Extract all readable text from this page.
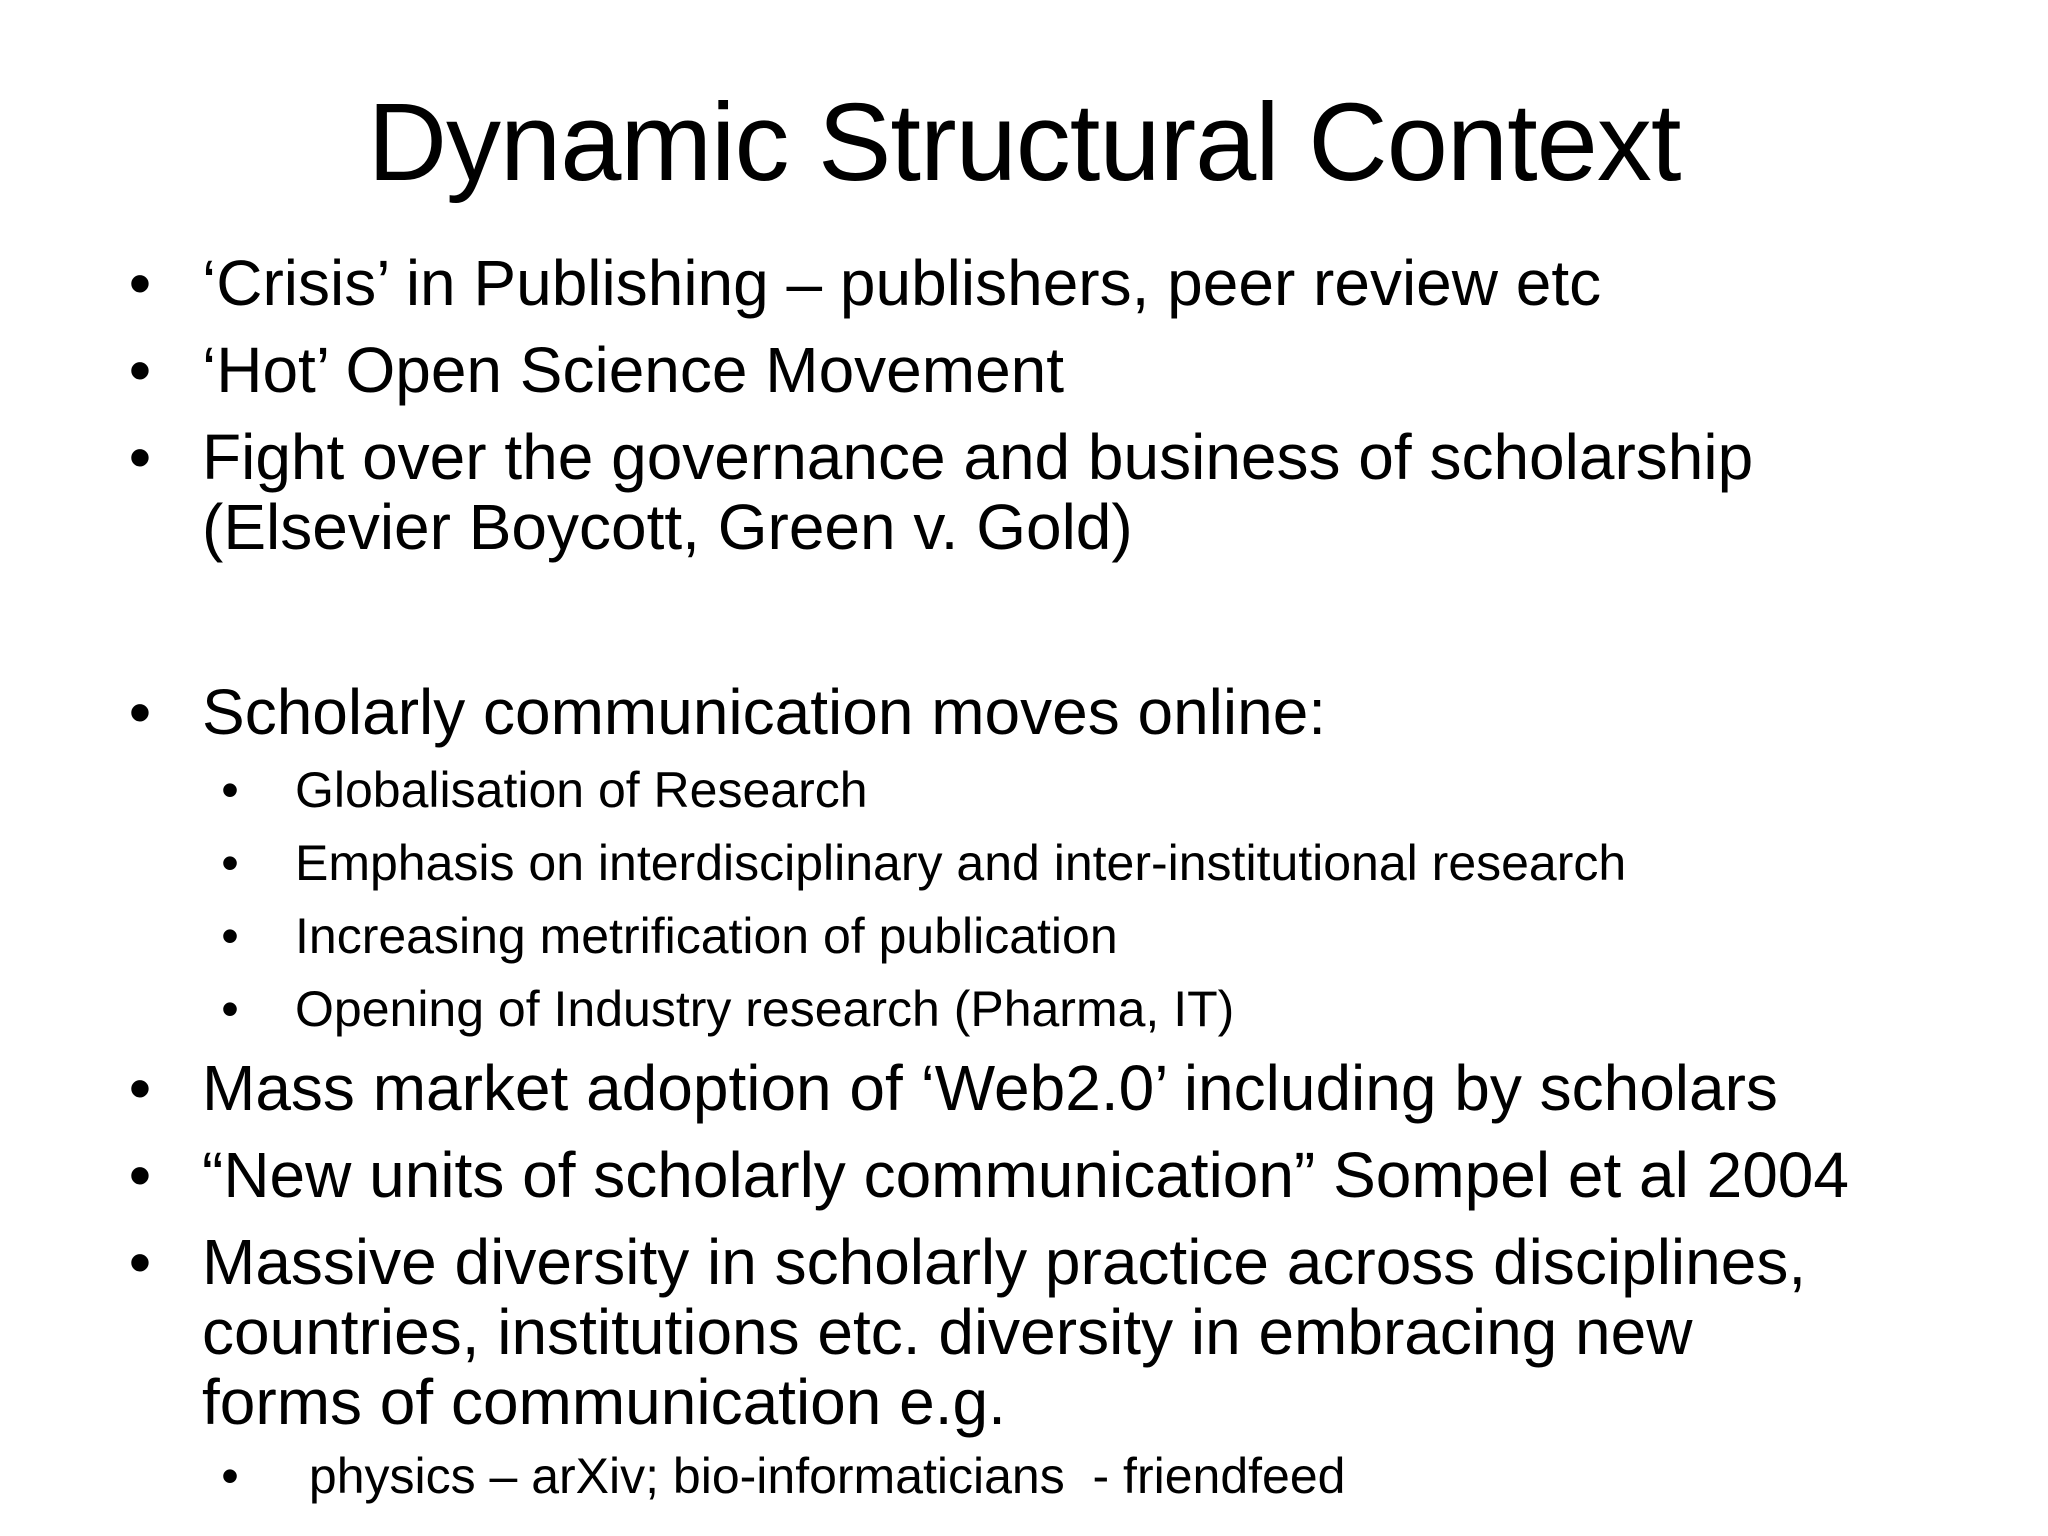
Dynamic Structural Context
• ‘Crisis’ in Publishing – publishers, peer review etc
• ‘Hot’ Open Science Movement
• Fight over the governance and business of scholarship
(Elsevier Boycott, Green v. Gold)
• Scholarly communication moves online:
• Globalisation of Research
• Emphasis on interdisciplinary and inter-institutional research
• Increasing metrification of publication
• Opening of Industry research (Pharma, IT)
• Mass market adoption of ‘Web2.0’ including by scholars
• “New units of scholarly communication” Sompel et al 2004
• Massive diversity in scholarly practice across disciplines,
countries, institutions etc. diversity in embracing new
forms of communication e.g.
• physics – arXiv; bio-informaticians  - friendfeed
